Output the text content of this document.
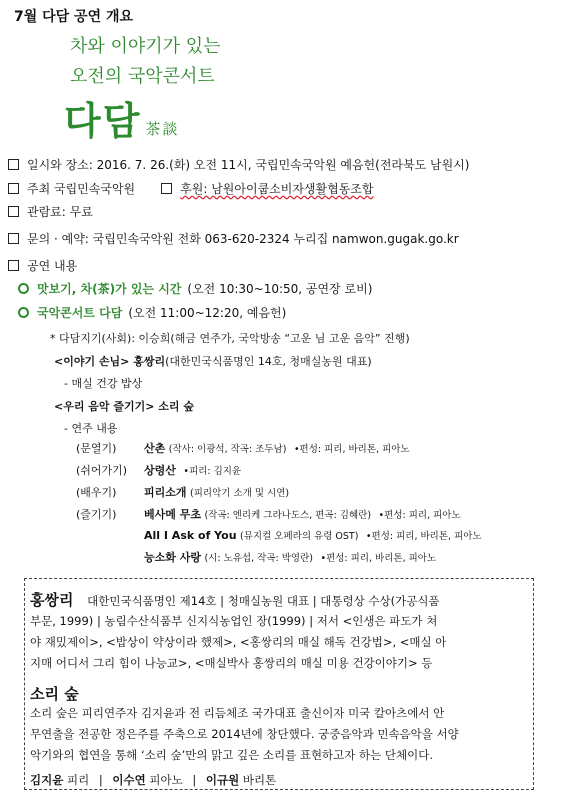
7월 다담 공연 개요
차와 이야기가 있는
오전의 국악콘서트
다담 茶談
일시와 장소: 2016. 7. 26.(화) 오전 11시, 국립민속국악원 예음헌(전라북도 남원시)
주최 국립민속국악원	후원: 남원아이쿱소비자생활협동조합
관람료: 무료
문의 · 예약: 국립민속국악원 전화 063-620-2324 누리집 namwon.gugak.go.kr
공연 내용
맛보기, 차(茶)가 있는 시간 (오전 10:30~10:50, 공연장 로비)
국악콘서트 다담 (오전 11:00~12:20, 예음헌)
* 다담지기(사회): 이승희(해금 연주가, 국악방송 “고운 님 고운 음악” 진행)
<이야기 손님> 홍쌍리(대한민국식품명인 14호, 청매실농원 대표)
- 매실 건강 밥상
<우리 음악 즐기기> 소리 숲
- 연주 내용
(문열기)	산촌 (작사: 이광석, 작곡: 조두남) •편성: 피리, 바리톤, 피아노
(쉬어가기) 상령산 •피리: 김지윤
(배우기)	피리소개 (피리악기 소개 및 시연)
(즐기기)	베사메 무초 (작곡: 엔리케 그라나도스, 편곡: 김혜란) •편성: 피리, 피아노
All I Ask of You (뮤지컬 오페라의 유령 OST) •편성: 피리, 바리톤, 피아노
능소화 사랑 (시: 노유섭, 작곡: 박영란) •편성: 피리, 바리톤, 피아노
홍쌍리 대한민국식품명인 제14호 | 청매실농원 대표 | 대통령상 수상(가공식품
부문, 1999) | 농림수산식품부 신지식농업인 장(1999) | 저서 <인생은 파도가 쳐
야 재밌제이>, <밥상이 약상이라 했제>, <홍쌍리의 매실 해독 건강법>, <매실 아
지매 어디서 그리 힘이 나능교>, <매실박사 홍쌍리의 매실 미용 건강이야기> 등
소리 숲
소리 숲은 피리연주자 김지윤과 전 리듬체조 국가대표 출신이자 미국 칼아츠에서 안
무연출을 전공한 정은주를 주축으로 2014년에 창단했다. 궁중음악과 민속음악을 서양
악기와의 협연을 통해 ‘소리 숲’만의 맑고 깊은 소리를 표현하고자 하는 단체이다.
김지윤 피리 | 이수연 피아노 | 이규원 바리톤
